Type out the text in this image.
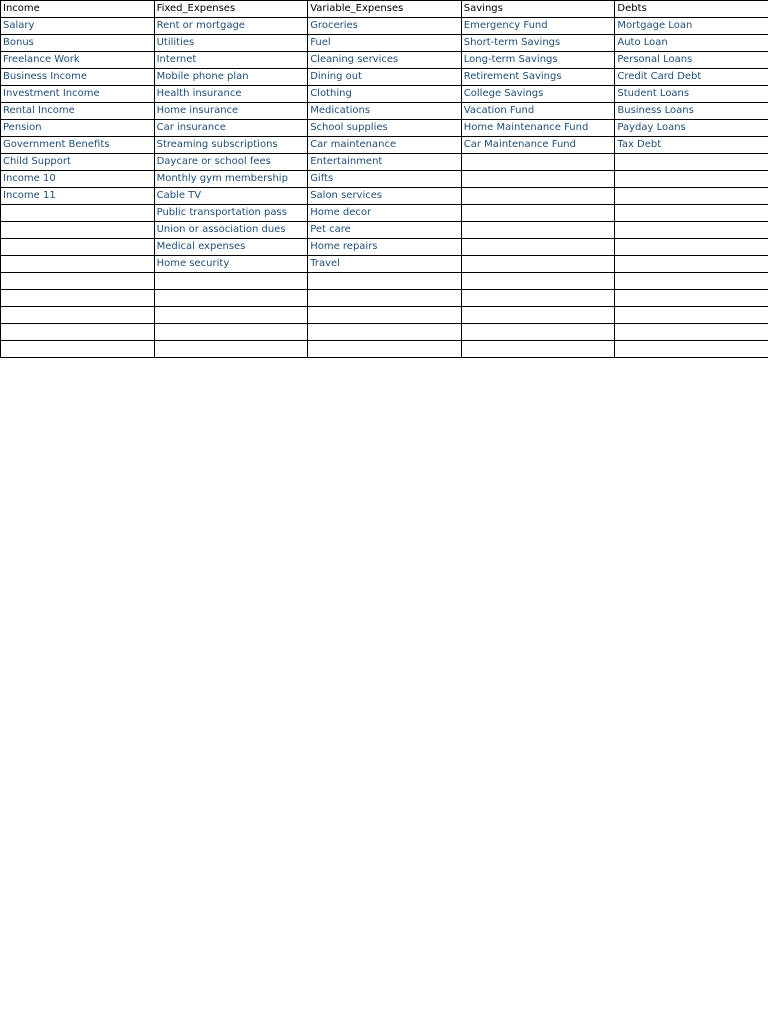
Income	Fixed_Expenses	Variable_Expenses	Savings	Debts
Salary	Rent or mortgage	Groceries	Emergency Fund	Mortgage Loan
Bonus	Utilities	Fuel	Short-term Savings	Auto Loan
Freelance Work	Internet	Cleaning services	Long-term Savings	Personal Loans
Business Income	Mobile phone plan	Dining out	Retirement Savings	Credit Card Debt
Investment Income	Health insurance	Clothing	College Savings	Student Loans
Rental Income	Home insurance	Medications	Vacation Fund	Business Loans
Pension	Car insurance	School supplies	Home Maintenance Fund	Payday Loans
Government Benefits	Streaming subscriptions	Car maintenance	Car Maintenance Fund	Tax Debt
Child Support	Daycare or school fees	Entertainment		
Income 10	Monthly gym membership	Gifts		
Income 11	Cable TV	Salon services		
	Public transportation pass	Home decor		
	Union or association dues	Pet care		
	Medical expenses	Home repairs		
	Home security	Travel		
